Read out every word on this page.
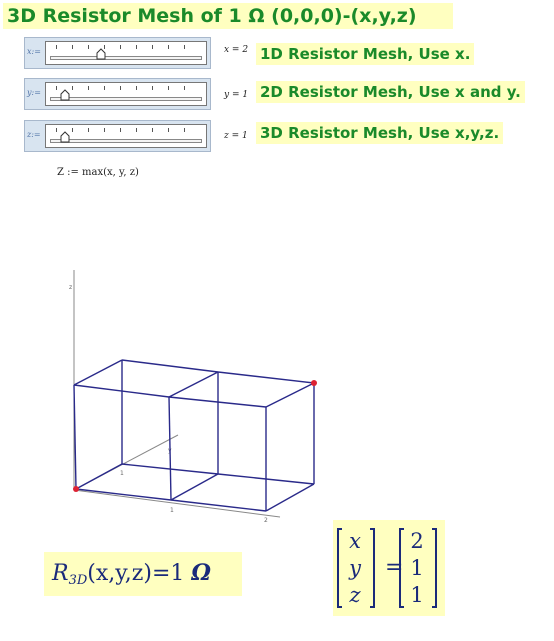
3D Resistor Mesh of 1 Ω (0,0,0)-(x,y,z)
x:=	x = 2 1D Resistor Mesh, Use x.
y:=	y = 1 2D Resistor Mesh, Use x and y.
z:=	z = 1 3D Resistor Mesh, Use x,y,z.
Z := max(x, y, z)
z
y
1
2
1
$R_{3D}(x,y,z)=1$ Ω
x
y
z
=
2
1
1
